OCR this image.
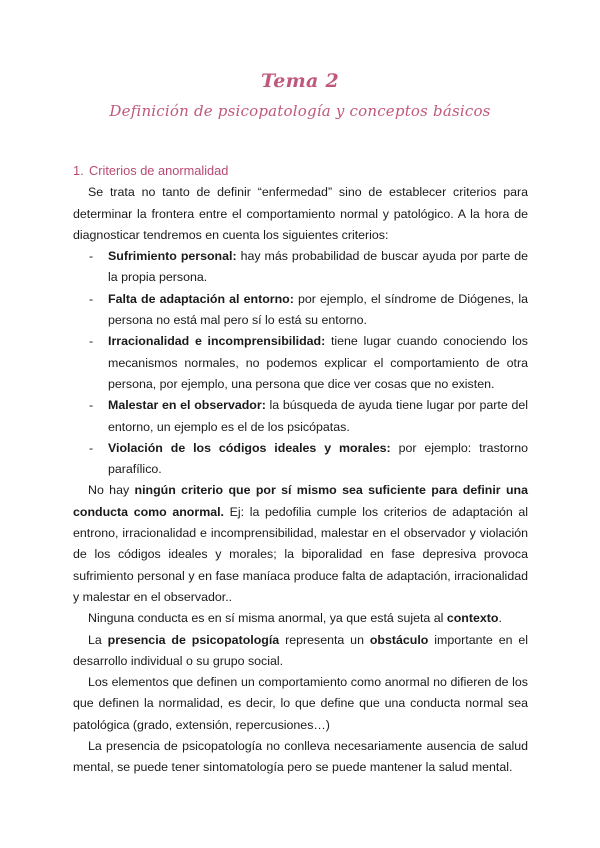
Tema 2
Definición de psicopatología y conceptos básicos
1. Criterios de anormalidad

Se trata no tanto de definir “enfermedad” sino de establecer criterios para determinar la frontera entre el comportamiento normal y patológico. A la hora de diagnosticar tendremos en cuenta los siguientes criterios:

- Sufrimiento personal: hay más probabilidad de buscar ayuda por parte de la propia persona.
- Falta de adaptación al entorno: por ejemplo, el síndrome de Diógenes, la persona no está mal pero sí lo está su entorno.
- Irracionalidad e incomprensibilidad: tiene lugar cuando conociendo los mecanismos normales, no podemos explicar el comportamiento de otra persona, por ejemplo, una persona que dice ver cosas que no existen.
- Malestar en el observador: la búsqueda de ayuda tiene lugar por parte del entorno, un ejemplo es el de los psicópatas.
- Violación de los códigos ideales y morales: por ejemplo: trastorno parafílico.

No hay ningún criterio que por sí mismo sea suficiente para definir una conducta como anormal. Ej: la pedofilia cumple los criterios de adaptación al entrono, irracionalidad e incomprensibilidad, malestar en el observador y violación de los códigos ideales y morales; la biporalidad en fase depresiva provoca sufrimiento personal y en fase maníaca produce falta de adaptación, irracionalidad y malestar en el observador..

Ninguna conducta es en sí misma anormal, ya que está sujeta al contexto.

La presencia de psicopatología representa un obstáculo importante en el desarrollo individual o su grupo social.

Los elementos que definen un comportamiento como anormal no difieren de los que definen la normalidad, es decir, lo que define que una conducta normal sea patológica (grado, extensión, repercusiones…)

La presencia de psicopatología no conlleva necesariamente ausencia de salud mental, se puede tener sintomatología pero se puede mantener la salud mental.
